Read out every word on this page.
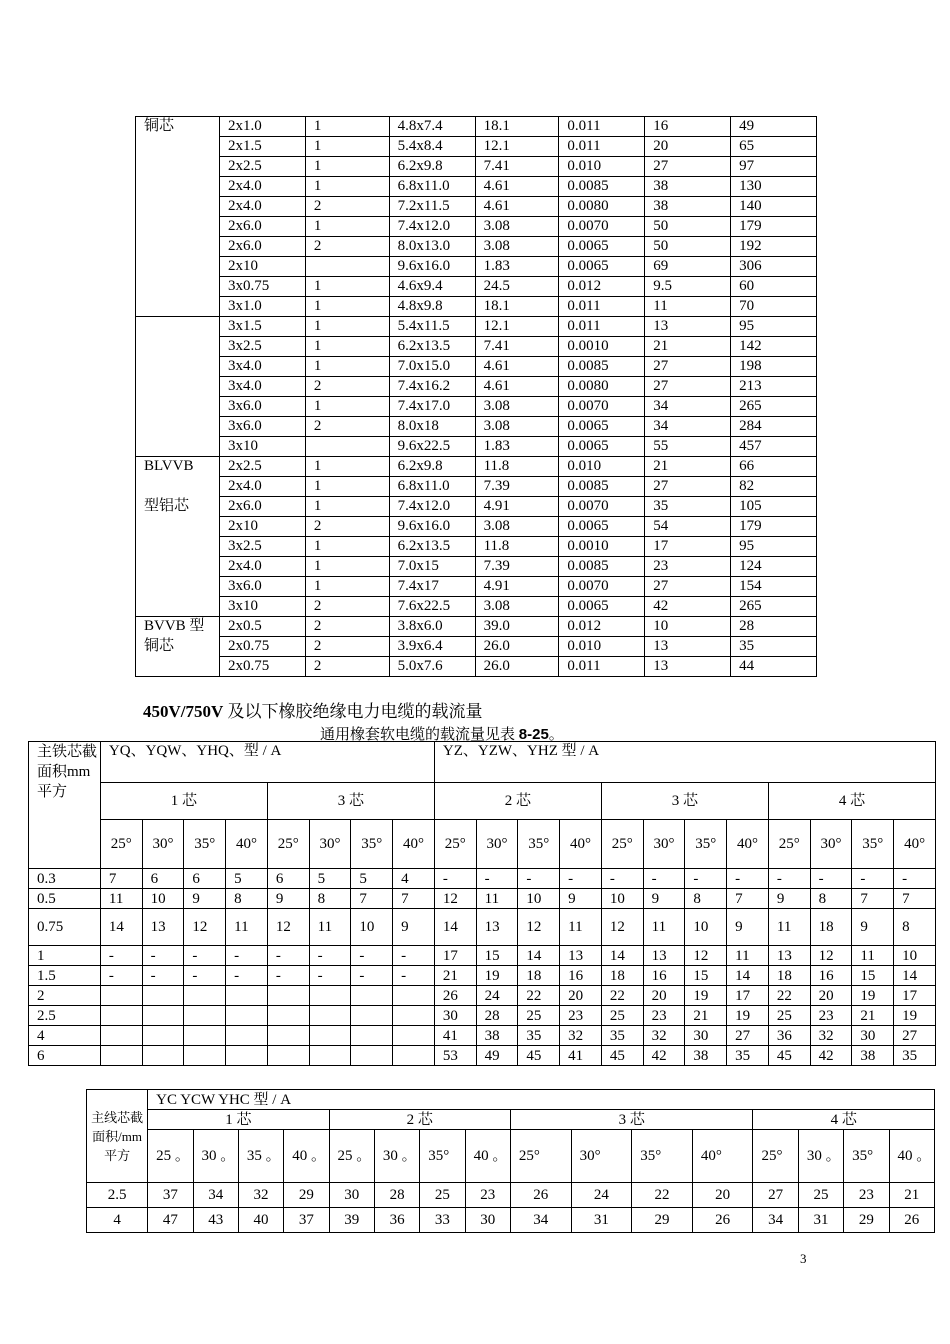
铜芯	2x1.0	1	4.8x7.4	18.1	0.011	16	49
	2x1.5	1	5.4x8.4	12.1	0.011	20	65
	2x2.5	1	6.2x9.8	7.41	0.010	27	97
	2x4.0	1	6.8x11.0	4.61	0.0085	38	130
	2x4.0	2	7.2x11.5	4.61	0.0080	38	140
	2x6.0	1	7.4x12.0	3.08	0.0070	50	179
	2x6.0	2	8.0x13.0	3.08	0.0065	50	192
	2x10		9.6x16.0	1.83	0.0065	69	306
	3x0.75	1	4.6x9.4	24.5	0.012	9.5	60
	3x1.0	1	4.8x9.8	18.1	0.011	11	70
	3x1.5	1	5.4x11.5	12.1	0.011	13	95
	3x2.5	1	6.2x13.5	7.41	0.0010	21	142
	3x4.0	1	7.0x15.0	4.61	0.0085	27	198
	3x4.0	2	7.4x16.2	4.61	0.0080	27	213
	3x6.0	1	7.4x17.0	3.08	0.0070	34	265
	3x6.0	2	8.0x18	3.08	0.0065	34	284
	3x10		9.6x22.5	1.83	0.0065	55	457
BLVVB	2x2.5	1	6.2x9.8	11.8	0.010	21	66
	2x4.0	1	6.8x11.0	7.39	0.0085	27	82
型铝芯	2x6.0	1	7.4x12.0	4.91	0.0070	35	105
	2x10	2	9.6x16.0	3.08	0.0065	54	179
	3x2.5	1	6.2x13.5	11.8	0.0010	17	95
	2x4.0	1	7.0x15	7.39	0.0085	23	124
	3x6.0	1	7.4x17	4.91	0.0070	27	154
	3x10	2	7.6x22.5	3.08	0.0065	42	265
BVVB 型	2x0.5	2	3.8x6.0	39.0	0.012	10	28
铜芯	2x0.75	2	3.9x6.4	26.0	0.010	13	35
	2x0.75	2	5.0x7.6	26.0	0.011	13	44
450V/750V 及以下橡胶绝缘电力电缆的载流量
通用橡套软电缆的载流量见表 8-25。
主铁芯截面积mm平方	YQ、YQW、YHQ、型 / A								YZ、YZW、YHZ 型 / A											
	1 芯				3 芯				2 芯				3 芯				4 芯			
	25°	30°	35°	40°	25°	30°	35°	40°	25°	30°	35°	40°	25°	30°	35°	40°	25°	30°	35°	40°
0.3	7	6	6	5	6	5	5	4	-	-	-	-	-	-	-	-	-	-	-	-
0.5	11	10	9	8	9	8	7	7	12	11	10	9	10	9	8	7	9	8	7	7
0.75	14	13	12	11	12	11	10	9	14	13	12	11	12	11	10	9	11	18	9	8
1	-	-	-	-	-	-	-	-	17	15	14	13	14	13	12	11	13	12	11	10
1.5	-	-	-	-	-	-	-	-	21	19	18	16	18	16	15	14	18	16	15	14
2									26	24	22	20	22	20	19	17	22	20	19	17
2.5									30	28	25	23	25	23	21	19	25	23	21	19
4									41	38	35	32	35	32	30	27	36	32	30	27
6									53	49	45	41	45	42	38	35	45	42	38	35
主线芯截面积/mm平方	YC YCW YHC 型 / A															
	1 芯				2 芯				3 芯				4 芯			
	25 。	30 。	35 。	40 。	25 。	30 。	35°	40 。	25°	30°	35°	40°	25°	30 。	35°	40 。
2.5	37	34	32	29	30	28	25	23	26	24	22	20	27	25	23	21
4	47	43	40	37	39	36	33	30	34	31	29	26	34	31	29	26
3
